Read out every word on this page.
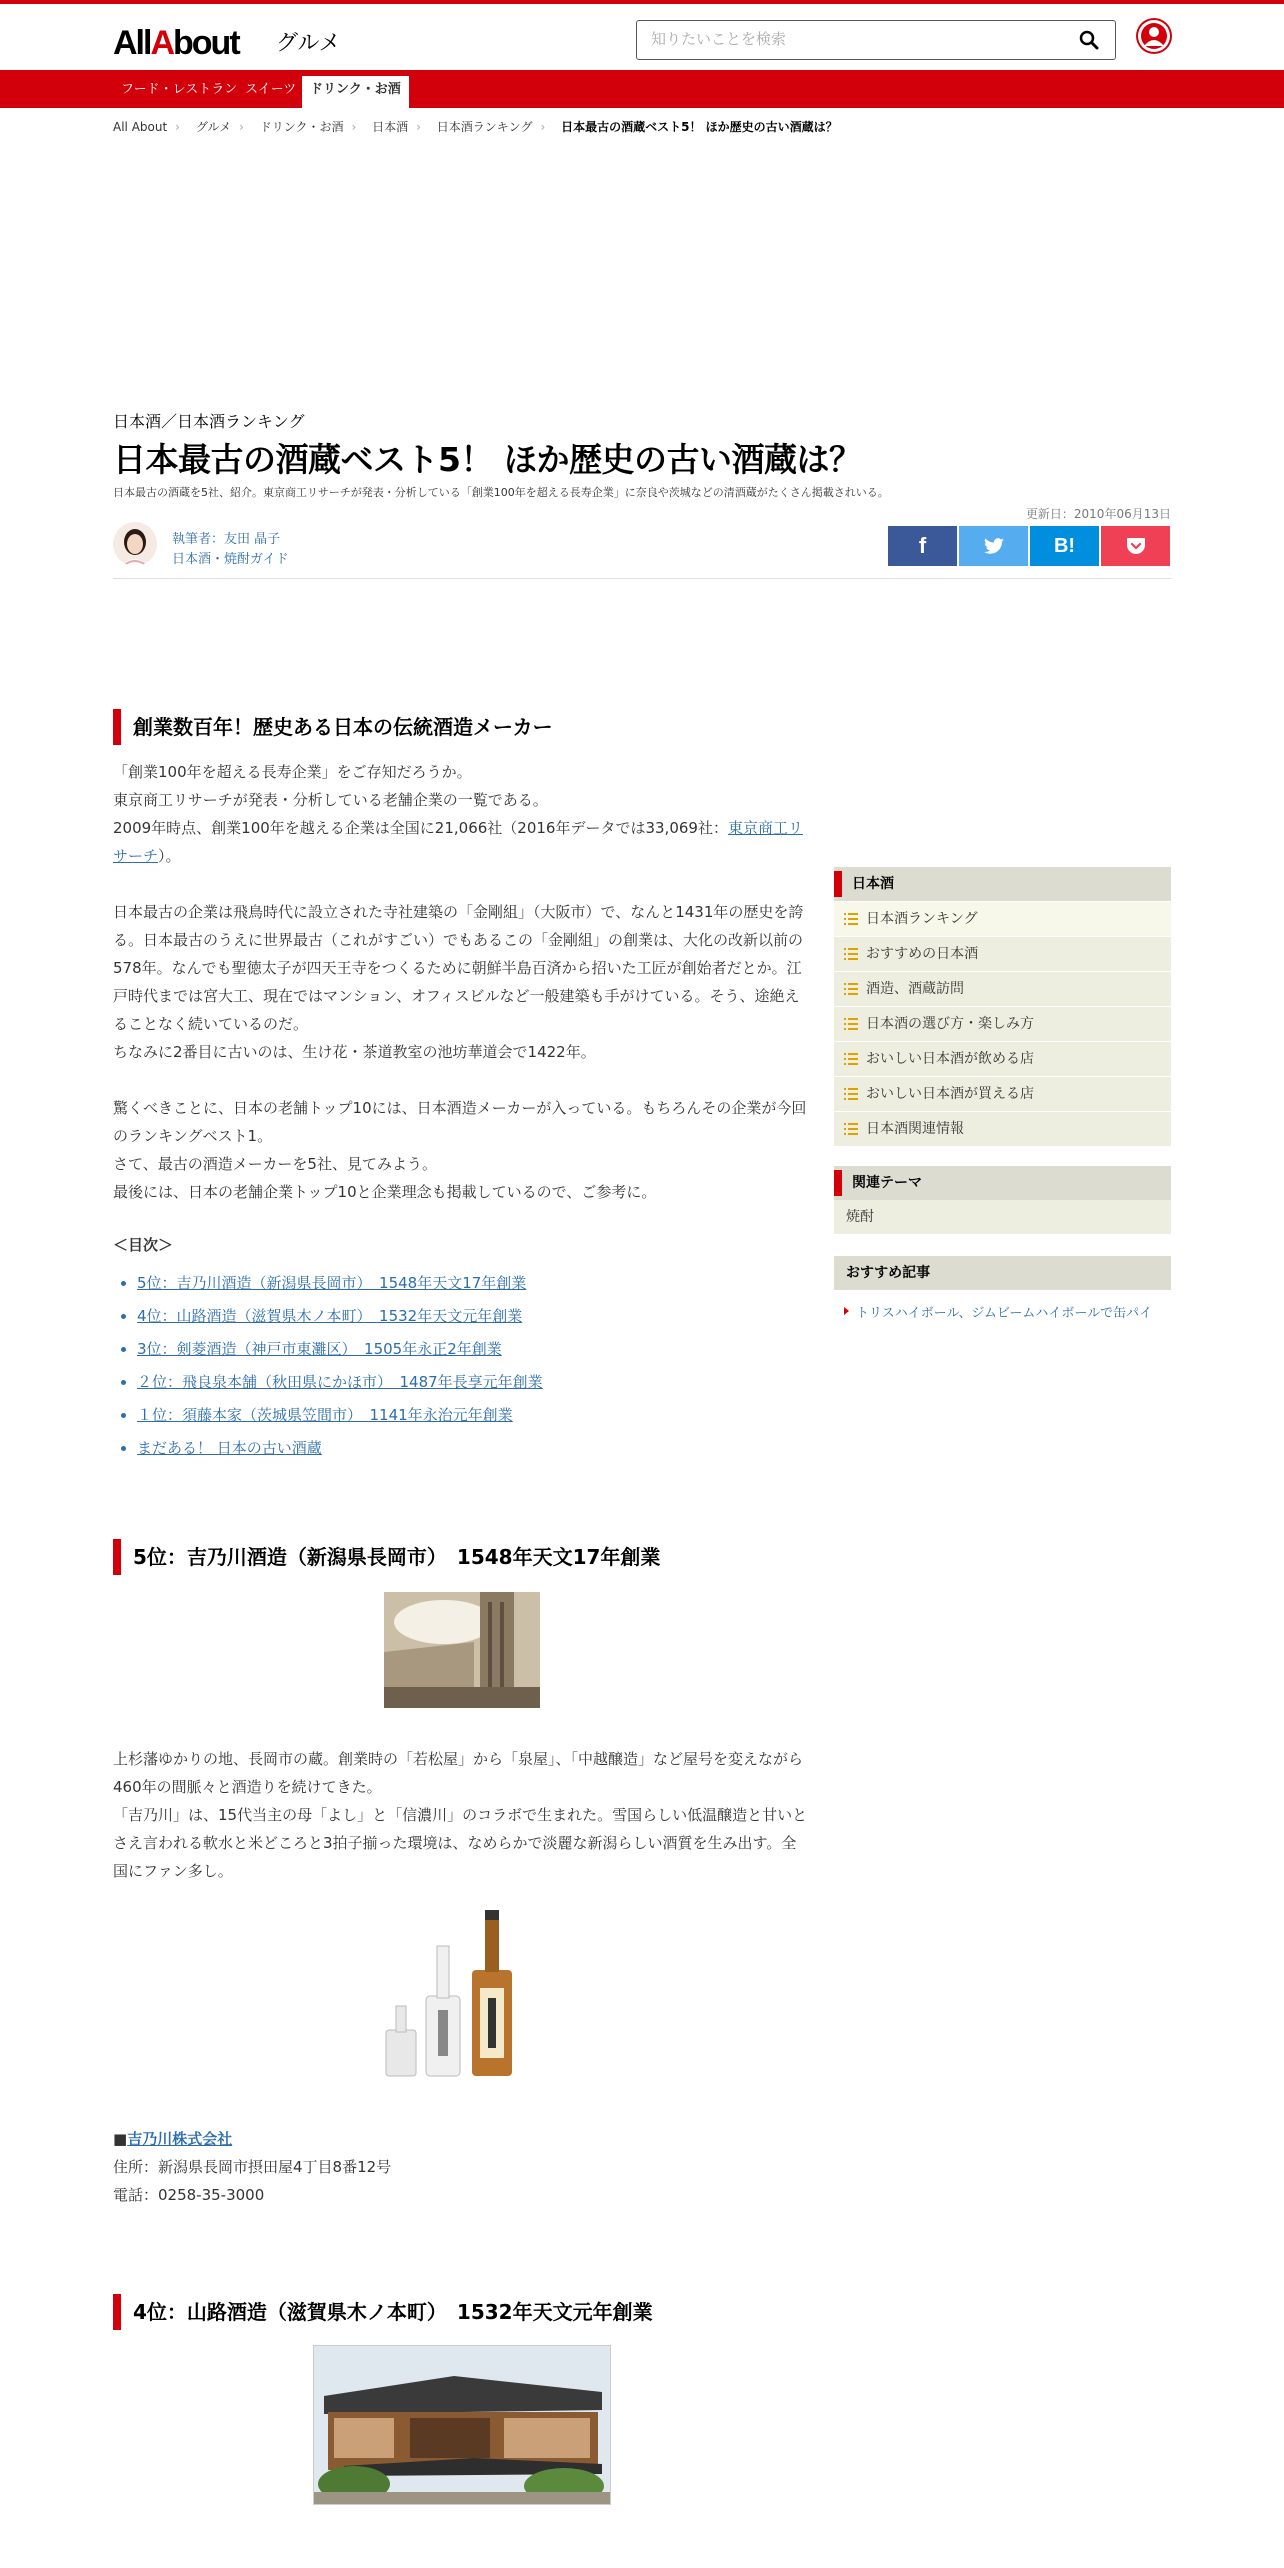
AllAbout グルメ
知りたいことを検索
フード・レストラン スイーツ	ドリンク・お酒
All About › グルメ › ドリンク・お酒 › 日本酒 › 日本酒ランキング › 日本最古の酒蔵ベスト5！ ほか歴史の古い酒蔵は？
日本酒／日本酒ランキング
日本最古の酒蔵ベスト5！ ほか歴史の古い酒蔵は？
日本最古の酒蔵を5社、紹介。東京商工リサーチが発表・分析している「創業100年を超える長寿企業」に奈良や茨城などの清酒蔵がたくさん掲載されいる。
更新日：2010年06月13日
執筆者：友田 晶子
日本酒・焼酎ガイド
f	B!
創業数百年！歴史ある日本の伝統酒造メーカー
「創業100年を超える長寿企業」をご存知だろうか。
東京商工リサーチが発表・分析している老舗企業の一覧である。
2009年時点、創業100年を越える企業は全国に21,066社（2016年データでは33,069社：東京商工リサーチ）。
日本最古の企業は飛鳥時代に設立された寺社建築の「金剛組」（大阪市）で、なんと1431年の歴史を誇る。日本最古のうえに世界最古（これがすごい）でもあるこの「金剛組」の創業は、大化の改新以前の578年。なんでも聖徳太子が四天王寺をつくるために朝鮮半島百済から招いた工匠が創始者だとか。江戸時代までは宮大工、現在ではマンション、オフィスビルなど一般建築も手がけている。そう、途絶えることなく続いているのだ。
ちなみに2番目に古いのは、生け花・茶道教室の池坊華道会で1422年。
驚くべきことに、日本の老舗トップ10には、日本酒造メーカーが入っている。もちろんその企業が今回のランキングベスト1。
さて、最古の酒造メーカーを5社、見てみよう。
最後には、日本の老舗企業トップ10と企業理念も掲載しているので、ご参考に。
＜目次＞
• 5位：吉乃川酒造（新潟県長岡市）　1548年天文17年創業
• 4位：山路酒造（滋賀県木ノ本町）　1532年天文元年創業
• 3位：剣菱酒造（神戸市東灘区）　1505年永正2年創業
• ２位：飛良泉本舗（秋田県にかほ市）　1487年長享元年創業
• １位：須藤本家（茨城県笠間市）　1141年永治元年創業
• まだある！ 日本の古い酒蔵
日本酒
日本酒ランキング
おすすめの日本酒
酒造、酒蔵訪問
日本酒の選び方・楽しみ方
おいしい日本酒が飲める店
おいしい日本酒が買える店
日本酒関連情報
関連テーマ
焼酎
おすすめ記事
トリスハイボール、ジムビームハイボールで缶パイ
5位：吉乃川酒造（新潟県長岡市）　1548年天文17年創業
上杉藩ゆかりの地、長岡市の蔵。創業時の「若松屋」から「泉屋」、「中越醸造」など屋号を変えながら460年の間脈々と酒造りを続けてきた。
「吉乃川」は、15代当主の母「よし」と「信濃川」のコラボで生まれた。雪国らしい低温醸造と甘いとさえ言われる軟水と米どころと3拍子揃った環境は、なめらかで淡麗な新潟らしい酒質を生み出す。全国にファン多し。
■吉乃川株式会社
住所：新潟県長岡市摂田屋4丁目8番12号
電話：0258-35-3000
4位：山路酒造（滋賀県木ノ本町）　1532年天文元年創業
